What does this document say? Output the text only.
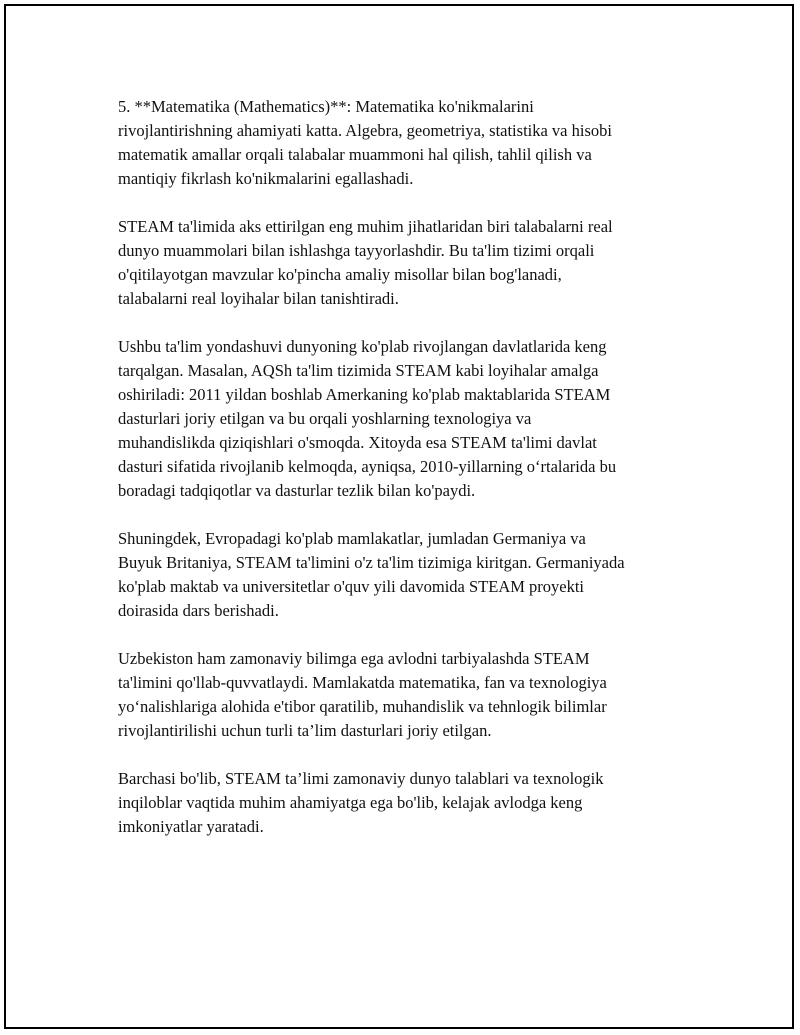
5. **Matematika (Mathematics)**: Matematika ko'nikmalarini
rivojlantirishning ahamiyati katta. Algebra, geometriya, statistika va hisobi
matematik amallar orqali talabalar muammoni hal qilish, tahlil qilish va
mantiqiy fikrlash ko'nikmalarini egallashadi.

STEAM ta'limida aks ettirilgan eng muhim jihatlaridan biri talabalarni real
dunyo muammolari bilan ishlashga tayyorlashdir. Bu ta'lim tizimi orqali
o'qitilayotgan mavzular ko'pincha amaliy misollar bilan bog'lanadi,
talabalarni real loyihalar bilan tanishtiradi.

Ushbu ta'lim yondashuvi dunyoning ko'plab rivojlangan davlatlarida keng
tarqalgan. Masalan, AQSh ta'lim tizimida STEAM kabi loyihalar amalga
oshiriladi: 2011 yildan boshlab Amerkaning ko'plab maktablarida STEAM
dasturlari joriy etilgan va bu orqali yoshlarning texnologiya va
muhandislikda qiziqishlari o'smoqda. Xitoyda esa STEAM ta'limi davlat
dasturi sifatida rivojlanib kelmoqda, ayniqsa, 2010-yillarning o‘rtalarida bu
boradagi tadqiqotlar va dasturlar tezlik bilan ko'paydi.

Shuningdek, Evropadagi ko'plab mamlakatlar, jumladan Germaniya va
Buyuk Britaniya, STEAM ta'limini o'z ta'lim tizimiga kiritgan. Germaniyada
ko'plab maktab va universitetlar o'quv yili davomida STEAM proyekti
doirasida dars berishadi.

Uzbekiston ham zamonaviy bilimga ega avlodni tarbiyalashda STEAM
ta'limini qo'llab-quvvatlaydi. Mamlakatda matematika, fan va texnologiya
yo‘nalishlariga alohida e'tibor qaratilib, muhandislik va tehnlogik bilimlar
rivojlantirilishi uchun turli ta’lim dasturlari joriy etilgan.

Barchasi bo'lib, STEAM ta’limi zamonaviy dunyo talablari va texnologik
inqiloblar vaqtida muhim ahamiyatga ega bo'lib, kelajak avlodga keng
imkoniyatlar yaratadi.
